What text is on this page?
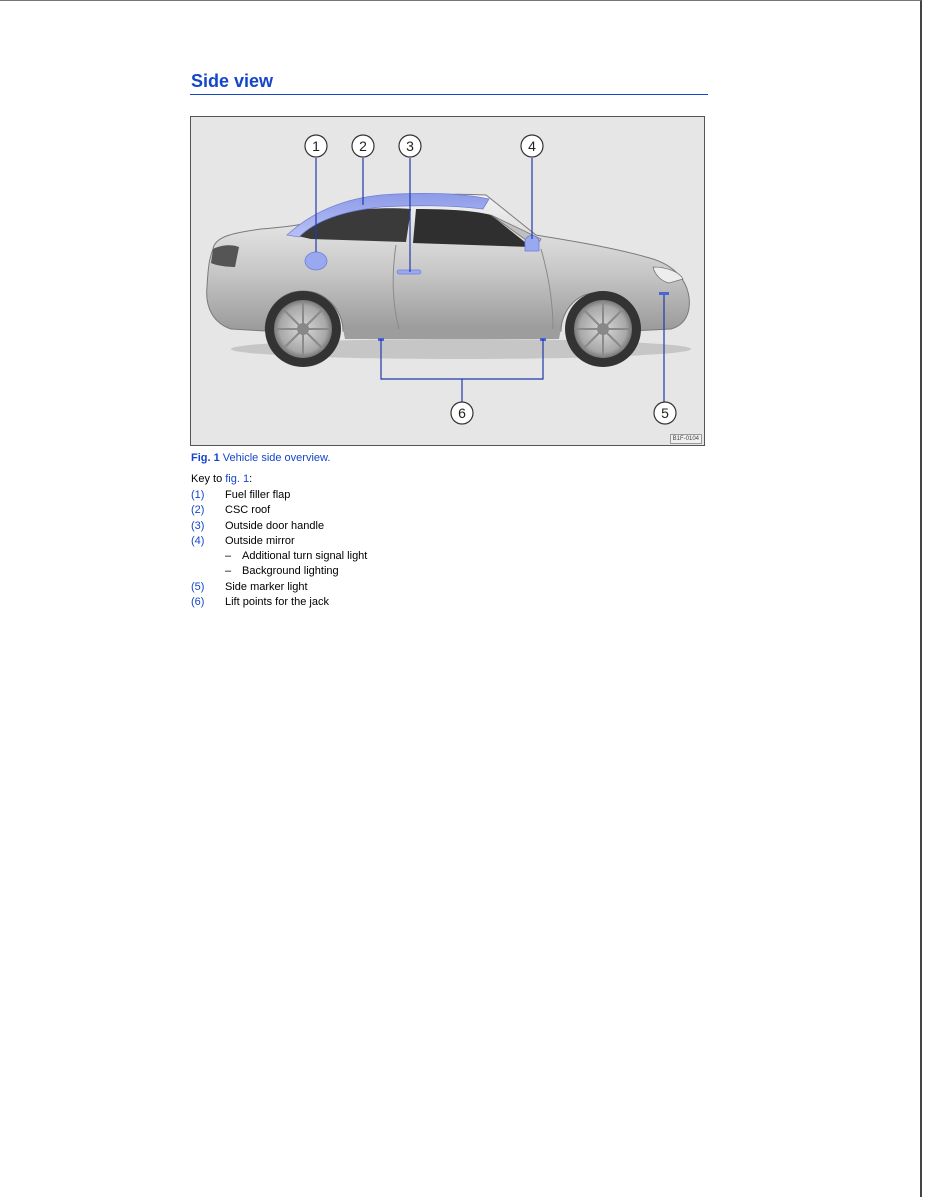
Side view
1	2	3	4
5
6
B1F-0104
Fig. 1 Vehicle side overview.
Key to fig. 1:
(1) Fuel filler flap
(2) CSC roof
(3) Outside door handle
(4) Outside mirror
– Additional turn signal light
– Background lighting
(5) Side marker light
(6) Lift points for the jack
